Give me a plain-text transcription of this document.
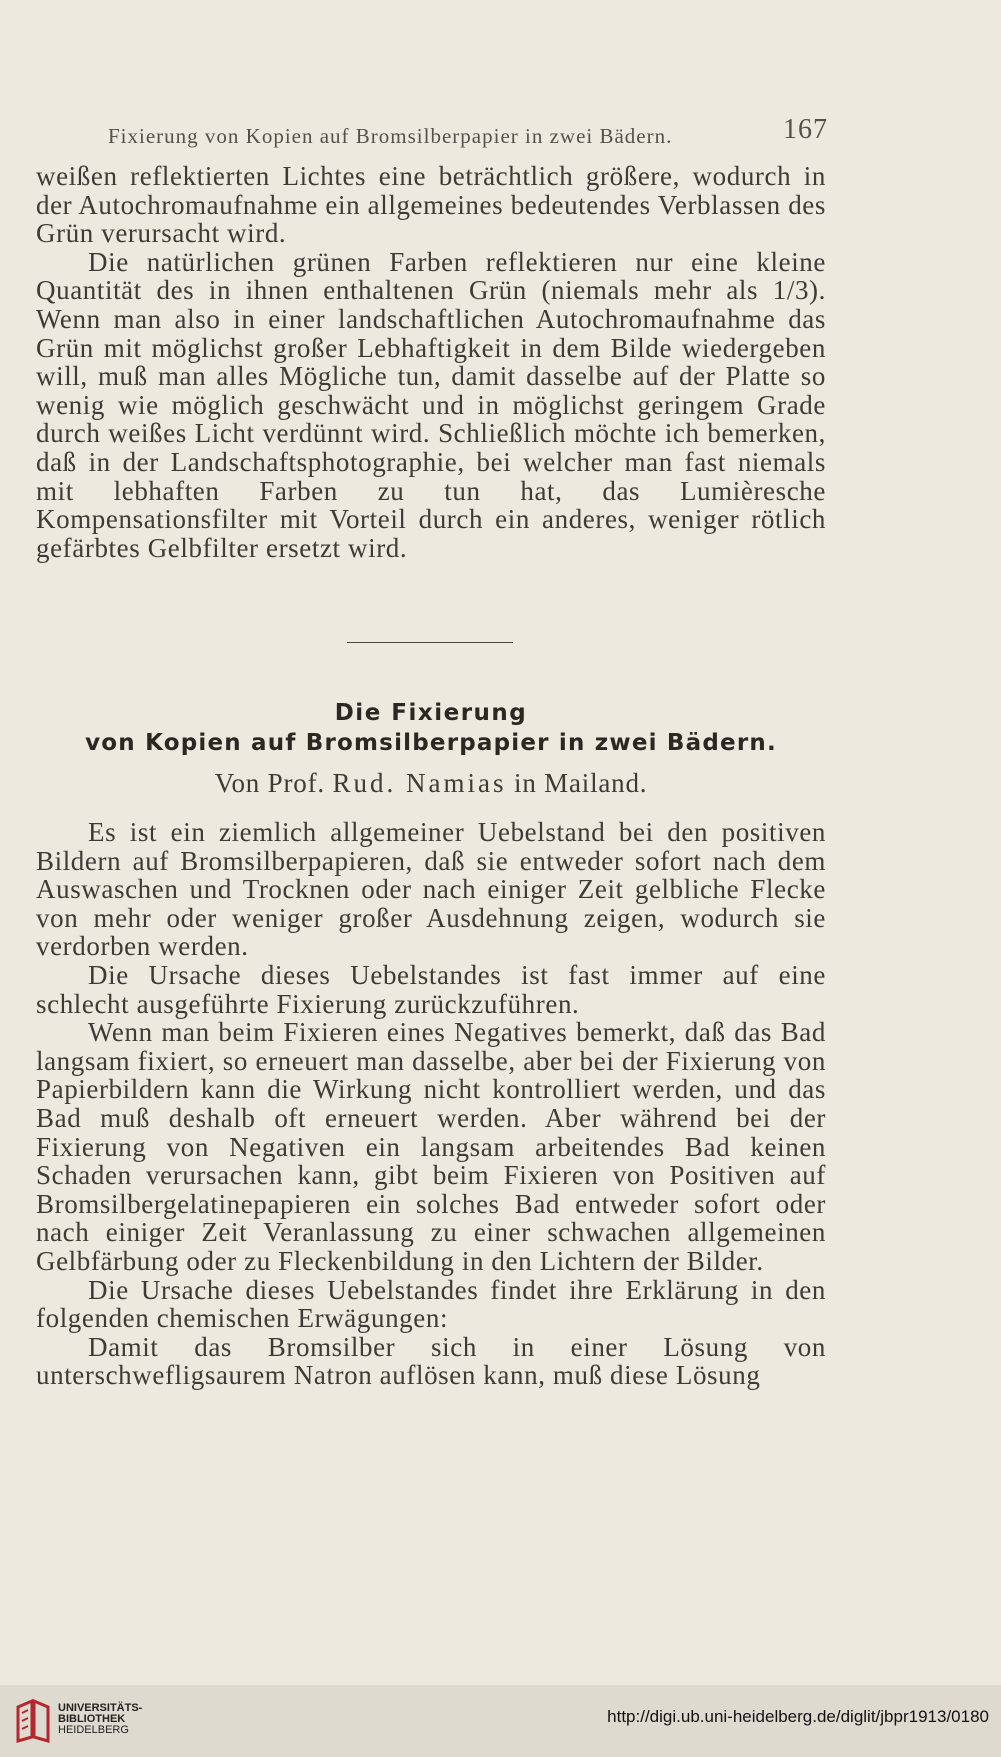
Fixierung von Kopien auf Bromsilberpapier in zwei Bädern.	167

weißen reflektierten Lichtes eine beträchtlich größere, wodurch in der Autochromaufnahme ein allgemeines bedeutendes Verblassen des Grün verursacht wird.

Die natürlichen grünen Farben reflektieren nur eine kleine Quantität des in ihnen enthaltenen Grün (niemals mehr als 1/3). Wenn man also in einer landschaftlichen Autochromaufnahme das Grün mit möglichst großer Lebhaftigkeit in dem Bilde wiedergeben will, muß man alles Mögliche tun, damit dasselbe auf der Platte so wenig wie möglich geschwächt und in möglichst geringem Grade durch weißes Licht verdünnt wird. Schließlich möchte ich bemerken, daß in der Landschaftsphotographie, bei welcher man fast niemals mit lebhaften Farben zu tun hat, das Lumièresche Kompensationsfilter mit Vorteil durch ein anderes, weniger rötlich gefärbtes Gelbfilter ersetzt wird.

Die Fixierung
von Kopien auf Bromsilberpapier in zwei Bädern.
Von Prof. Rud. Namias in Mailand.

Es ist ein ziemlich allgemeiner Uebelstand bei den positiven Bildern auf Bromsilberpapieren, daß sie entweder sofort nach dem Auswaschen und Trocknen oder nach einiger Zeit gelbliche Flecke von mehr oder weniger großer Ausdehnung zeigen, wodurch sie verdorben werden.

Die Ursache dieses Uebelstandes ist fast immer auf eine schlecht ausgeführte Fixierung zurückzuführen.

Wenn man beim Fixieren eines Negatives bemerkt, daß das Bad langsam fixiert, so erneuert man dasselbe, aber bei der Fixierung von Papierbildern kann die Wirkung nicht kontrolliert werden, und das Bad muß deshalb oft erneuert werden. Aber während bei der Fixierung von Negativen ein langsam arbeitendes Bad keinen Schaden verursachen kann, gibt beim Fixieren von Positiven auf Bromsilbergelatinepapieren ein solches Bad entweder sofort oder nach einiger Zeit Veranlassung zu einer schwachen allgemeinen Gelbfärbung oder zu Fleckenbildung in den Lichtern der Bilder.

Die Ursache dieses Uebelstandes findet ihre Erklärung in den folgenden chemischen Erwägungen:

Damit das Bromsilber sich in einer Lösung von unterschwefligsaurem Natron auflösen kann, muß diese Lösung

UNIVERSITÄTS-
BIBLIOTHEK
HEIDELBERG
http://digi.ub.uni-heidelberg.de/diglit/jbpr1913/0180
